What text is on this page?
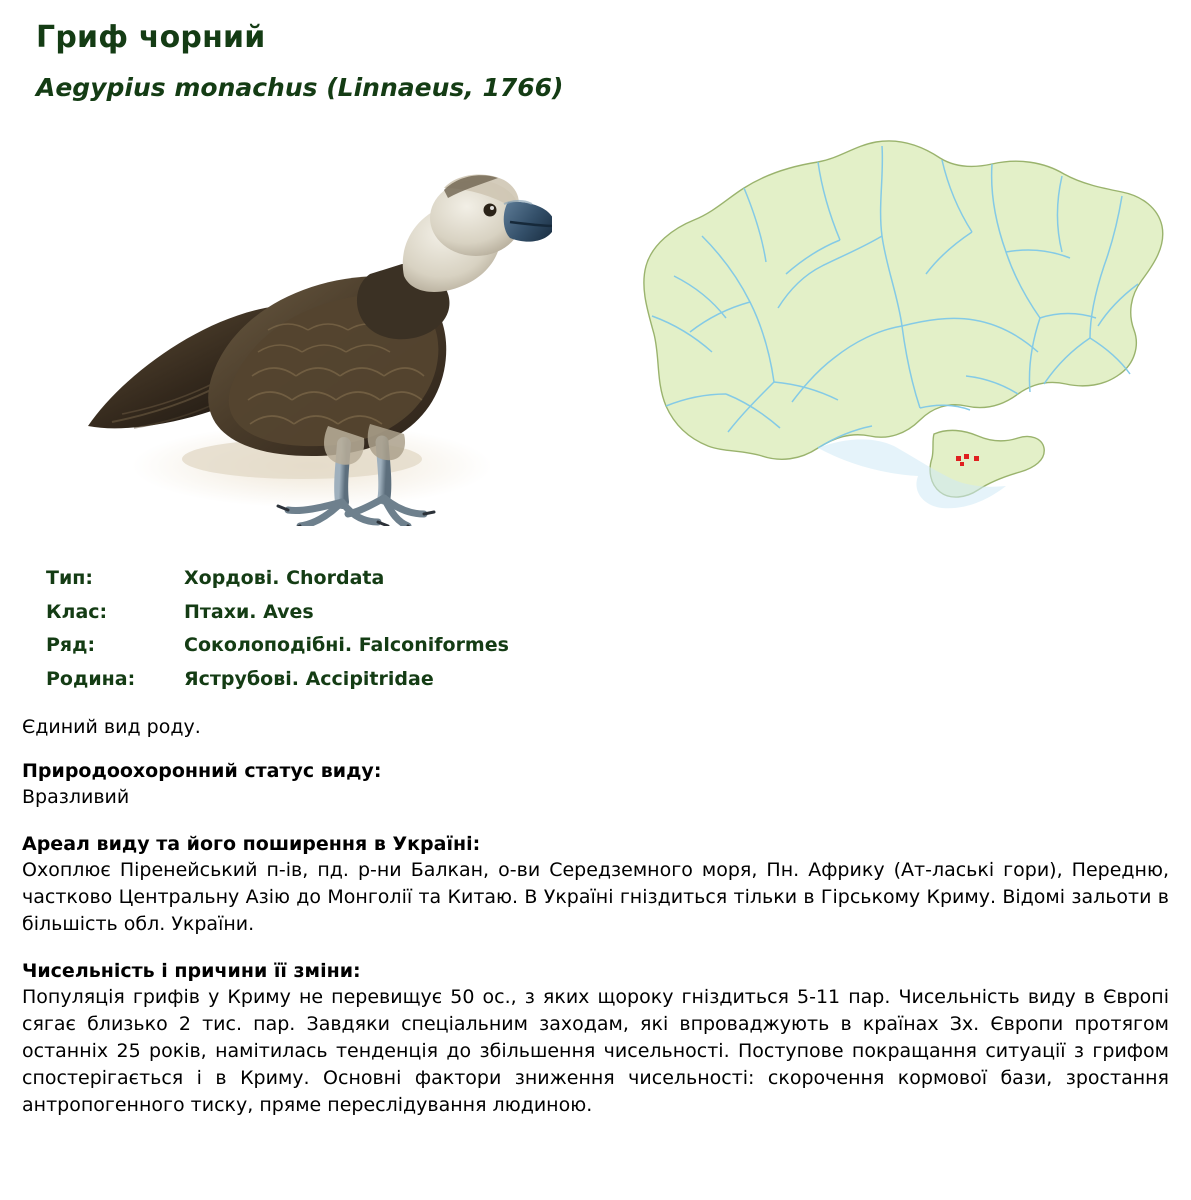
Гриф чорний
Aegypius monachus (Linnaeus, 1766)
Тип:	Хордові. Chordata
Клас:	Птахи. Aves
Ряд:	Соколоподібні. Falconiformes
Родина:	Яструбові. Accipitridae

Єдиний вид роду.

Природоохоронний статус виду:

Вразливий

Ареал виду та його поширення в Україні:

Охоплює Піренейський п-ів, пд. р-ни Балкан, о-ви Середземного моря, Пн. Африку (Ат-лаські гори), Передню, частково Центральну Азію до Монголії та Китаю. В Україні гніздиться тільки в Гірському Криму. Відомі зальоти в більшість обл. України.

Чисельність і причини її зміни:

Популяція грифів у Криму не перевищує 50 ос., з яких щороку гніздиться 5-11 пар. Чисельність виду в Європі сягає близько 2 тис. пар. Завдяки спеціальним заходам, які впроваджують в країнах Зх. Європи протягом останніх 25 років, намітилась тенденція до збільшення чисельності. Поступове покращання ситуації з грифом спостерігається і в Криму. Основні фактори зниження чисельності: скорочення кормової бази, зростання антропогенного тиску, пряме переслідування людиною.
